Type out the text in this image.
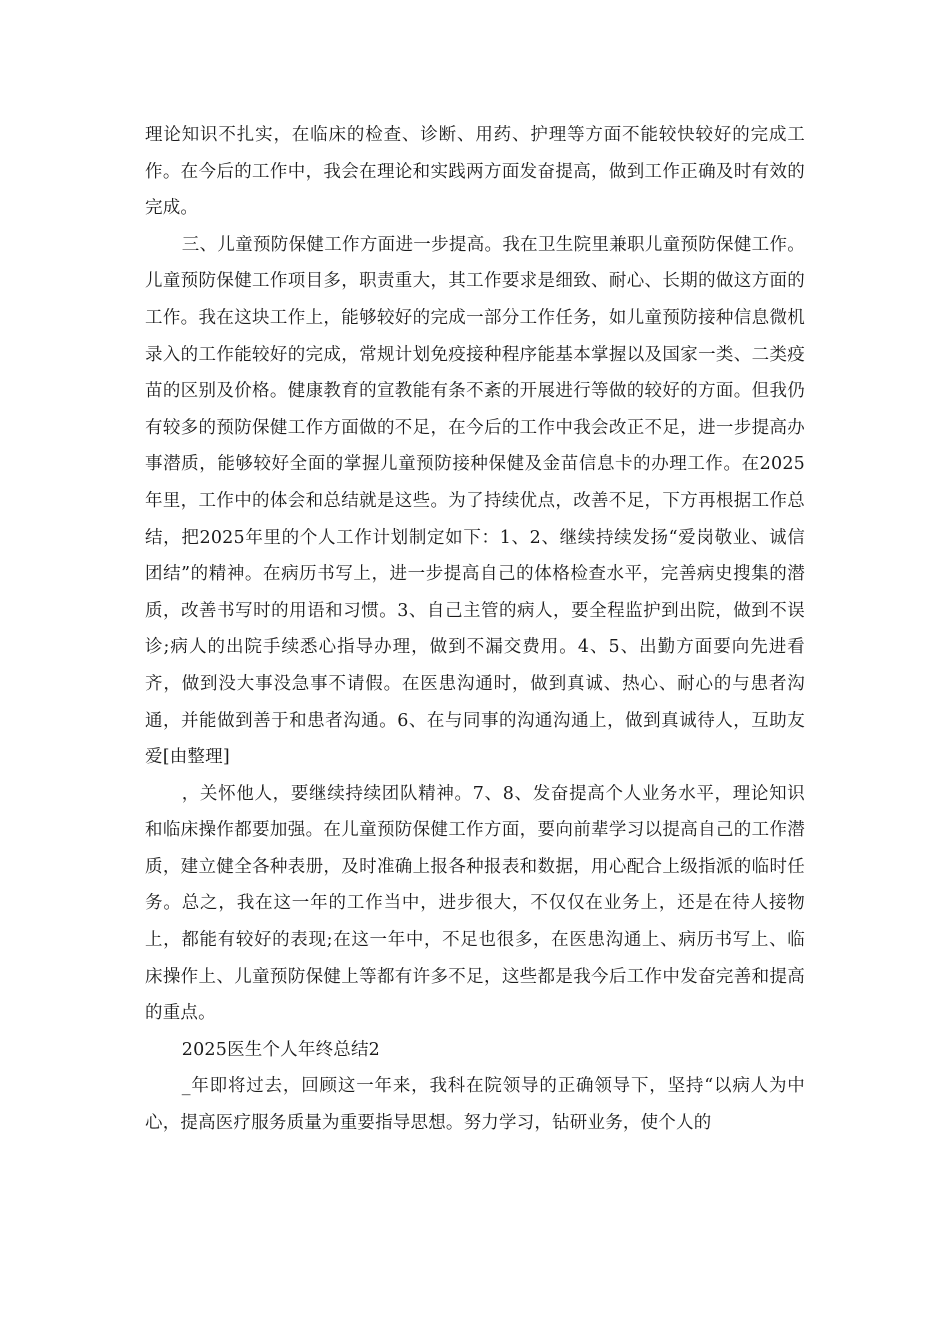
理论知识不扎实，在临床的检查、诊断、用药、护理等方面不能较快较好的完成工作。在今后的工作中，我会在理论和实践两方面发奋提高，做到工作正确及时有效的完成。

三、儿童预防保健工作方面进一步提高。我在卫生院里兼职儿童预防保健工作。儿童预防保健工作项目多，职责重大，其工作要求是细致、耐心、长期的做这方面的工作。我在这块工作上，能够较好的完成一部分工作任务，如儿童预防接种信息微机录入的工作能较好的完成，常规计划免疫接种程序能基本掌握以及国家一类、二类疫苗的区别及价格。健康教育的宣教能有条不紊的开展进行等做的较好的方面。但我仍有较多的预防保健工作方面做的不足，在今后的工作中我会改正不足，进一步提高办事潜质，能够较好全面的掌握儿童预防接种保健及金苗信息卡的办理工作。在2025年里，工作中的体会和总结就是这些。为了持续优点，改善不足，下方再根据工作总结，把2025年里的个人工作计划制定如下：1、2、继续持续发扬“爱岗敬业、诚信团结”的精神。在病历书写上，进一步提高自己的体格检查水平，完善病史搜集的潜质，改善书写时的用语和习惯。3、自己主管的病人，要全程监护到出院，做到不误诊;病人的出院手续悉心指导办理，做到不漏交费用。4、5、出勤方面要向先进看齐，做到没大事没急事不请假。在医患沟通时，做到真诚、热心、耐心的与患者沟通，并能做到善于和患者沟通。6、在与同事的沟通沟通上，做到真诚待人，互助友爱[由整理]

，关怀他人，要继续持续团队精神。7、8、发奋提高个人业务水平，理论知识和临床操作都要加强。在儿童预防保健工作方面，要向前辈学习以提高自己的工作潜质，建立健全各种表册，及时准确上报各种报表和数据，用心配合上级指派的临时任务。总之，我在这一年的工作当中，进步很大，不仅仅在业务上，还是在待人接物上，都能有较好的表现;在这一年中，不足也很多，在医患沟通上、病历书写上、临床操作上、儿童预防保健上等都有许多不足，这些都是我今后工作中发奋完善和提高的重点。

2025医生个人年终总结2

_年即将过去，回顾这一年来，我科在院领导的正确领导下，坚持“以病人为中心，提高医疗服务质量为重要指导思想。努力学习，钻研业务，使个人的
